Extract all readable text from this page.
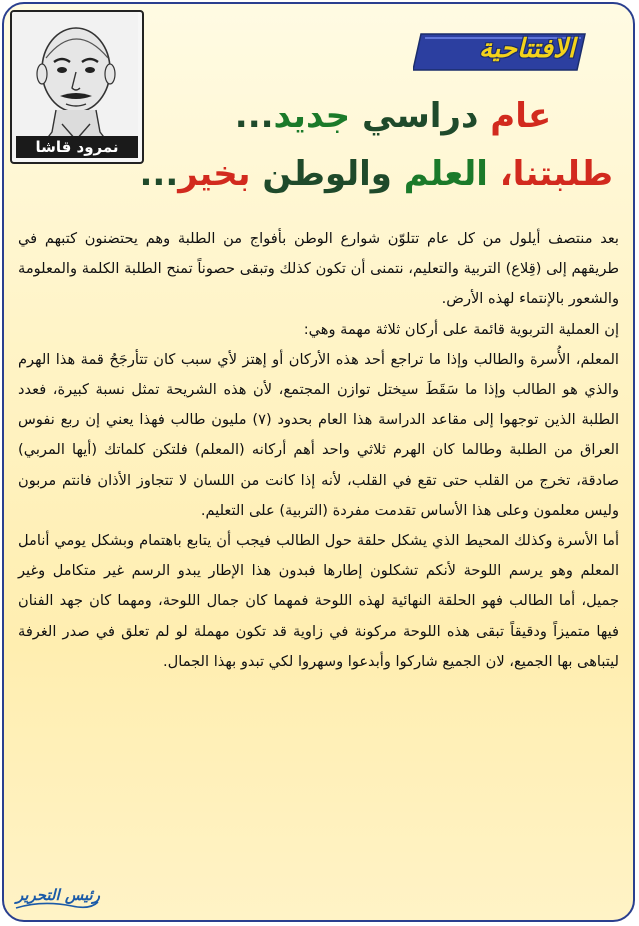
نمرود قاشا
الافتتاحية
عام دراسي جديد...
طلبتنا، العلم والوطن بخير...

بعد منتصف أيلول من كل عام تتلوّن شوارع الوطن بأفواج من الطلبة وهم يحتضنون كتبهم في طريقهم إلى (قِلاع) التربية والتعليم، نتمنى أن تكون كذلك وتبقى حصوناً تمنح الطلبة الكلمة والمعلومة والشعور بالإنتماء لهذه الأرض.

إن العملية التربوية قائمة على أركان ثلاثة مهمة وهي:

المعلم، الأُسرة والطالب وإذا ما تراجع أحد هذه الأركان أو إهتز لأي سبب كان تتأرجَحُ قمة هذا الهرم والذي هو الطالب وإذا ما سَقَطَ سيختل توازن المجتمع، لأن هذه الشريحة تمثل نسبة كبيرة، فعدد الطلبة الذين توجهوا إلى مقاعد الدراسة هذا العام بحدود (٧) مليون طالب فهذا يعني إن ربع نفوس العراق من الطلبة وطالما كان الهرم ثلاثي واحد أهم أركانه (المعلم) فلتكن كلماتك (أيها المربي) صادقة، تخرج من القلب حتى تقع في القلب، لأنه إذا كانت من اللسان لا تتجاوز الأذان فانتم مربون وليس معلمون وعلى هذا الأساس تقدمت مفردة (التربية) على التعليم.

أما الأسرة وكذلك المحيط الذي يشكل حلقة حول الطالب فيجب أن يتابع باهتمام وبشكل يومي أنامل المعلم وهو يرسم اللوحة لأنكم تشكلون إطارها فبدون هذا الإطار يبدو الرسم غير متكامل وغير جميل، أما الطالب فهو الحلقة النهائية لهذه اللوحة فمهما كان جمال اللوحة، ومهما كان جهد الفنان فيها متميزاً ودقيقاً تبقى هذه اللوحة مركونة في زاوية قد تكون مهملة لو لم تعلق في صدر الغرفة ليتباهى بها الجميع، لان الجميع شاركوا وأبدعوا وسهروا لكي تبدو بهذا الجمال.

رئيس التحرير
